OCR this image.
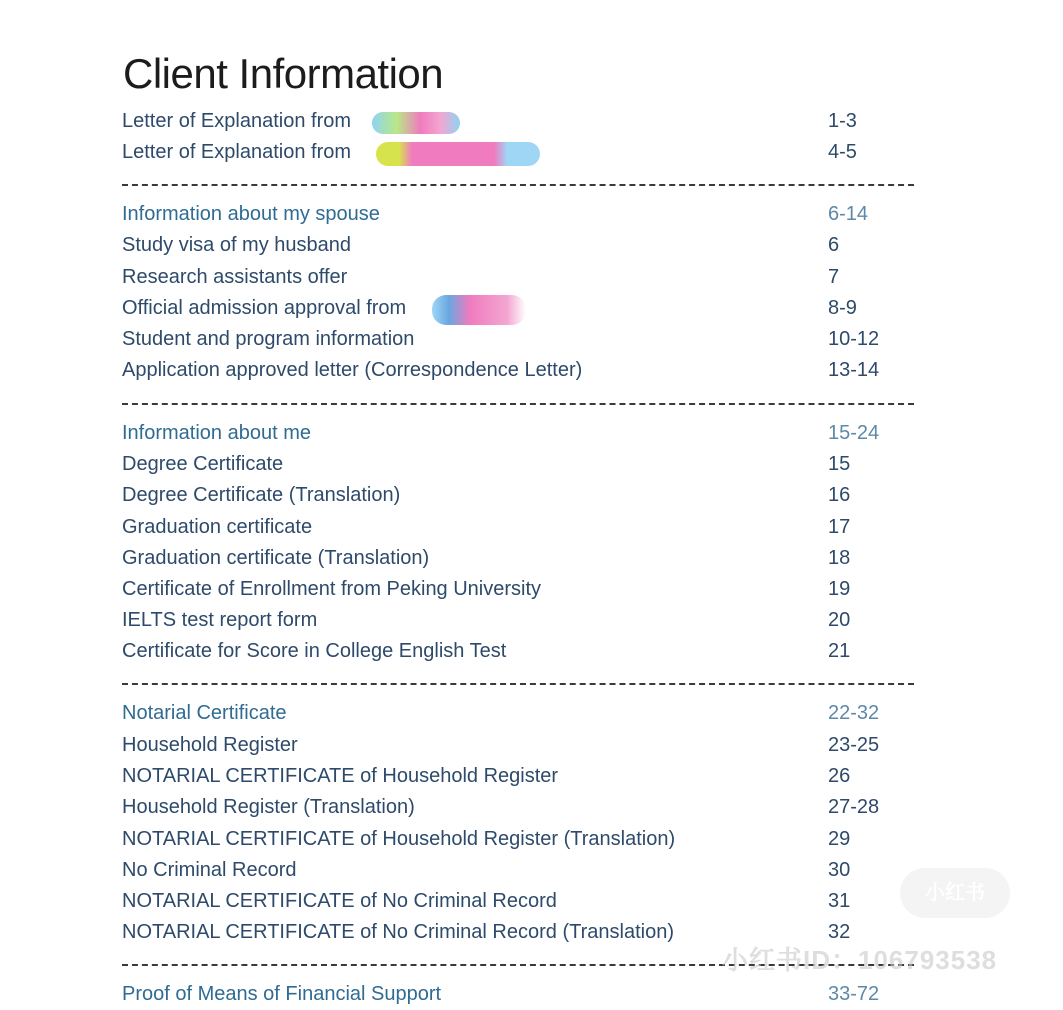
Client Information
Letter of Explanation from	1-3
Letter of Explanation from	4-5
Information about my spouse	6-14
Study visa of my husband	6
Research assistants offer	7
Official admission approval from	8-9
Student and program information	10-12
Application approved letter (Correspondence Letter)	13-14
Information about me	15-24
Degree Certificate	15
Degree Certificate (Translation)	16
Graduation certificate	17
Graduation certificate (Translation)	18
Certificate of Enrollment from Peking University	19
IELTS test report form	20
Certificate for Score in College English Test	21
Notarial Certificate	22-32
Household Register	23-25
NOTARIAL CERTIFICATE of Household Register	26
Household Register (Translation)	27-28
NOTARIAL CERTIFICATE of Household Register (Translation)	29
No Criminal Record	30
NOTARIAL CERTIFICATE of No Criminal Record	31
NOTARIAL CERTIFICATE of No Criminal Record (Translation)	32
Proof of Means of Financial Support	33-72
小红书
小红书ID：106793538
